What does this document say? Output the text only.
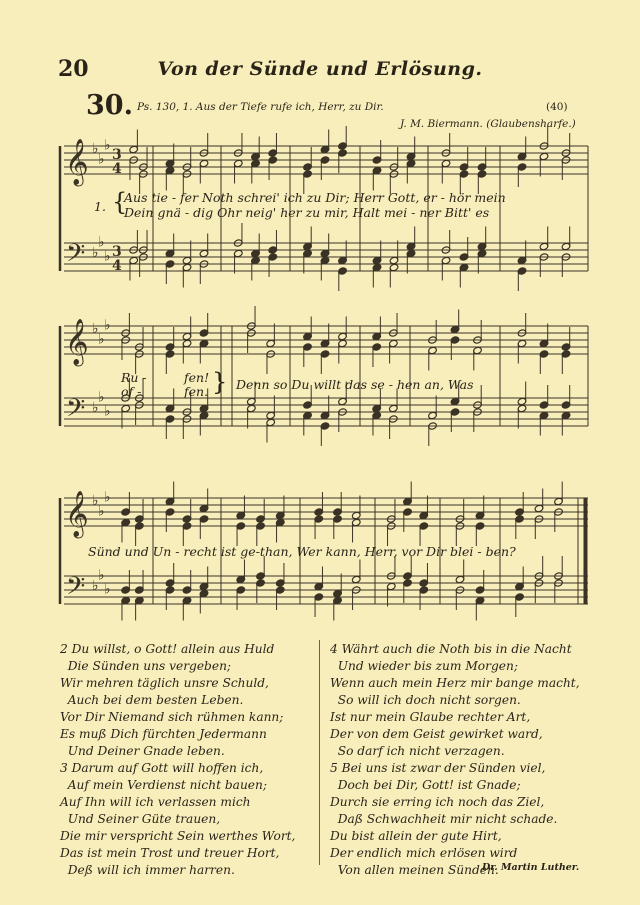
20	Von der Sünde und Erlösung.
30. Ps. 130, 1. Aus der Tiefe rufe ich, Herr, zu Dir.	(40)
J. M. Biermann. (Glaubensharfe.)
𝄞
𝄢
♭
♭
♭
♭
♭
♭
3
4
3
4
𝄞
𝄢
♭
♭
♭
♭
♭
♭
𝄞
𝄢
♭
♭
♭
♭
♭
♭
1. {
Aus tie - fer Noth schrei' ich zu Dir; Herr Gott, er - hör mein
Dein gnä - dig Ohr neig' her zu mir, Halt mei - ner Bitt' es
Ru -	fen!
of -	fen. } Denn so Du willt das se - hen an, Was
Sünd und Un - recht ist ge-than, Wer kann, Herr, vor Dir blei - ben?
2 Du willst, o Gott! allein aus Huld
Die Sünden uns vergeben;
Wir mehren täglich unsre Schuld,
Auch bei dem besten Leben.
Vor Dir Niemand sich rühmen kann;
Es muß Dich fürchten Jedermann
Und Deiner Gnade leben.
3 Darum auf Gott will hoffen ich,
Auf mein Verdienst nicht bauen;
Auf Ihn will ich verlassen mich
Und Seiner Güte trauen,
Die mir verspricht Sein werthes Wort,
Das ist mein Trost und treuer Hort,
Deß will ich immer harren.
4 Währt auch die Noth bis in die Nacht
Und wieder bis zum Morgen;
Wenn auch mein Herz mir bange macht,
So will ich doch nicht sorgen.
Ist nur mein Glaube rechter Art,
Der von dem Geist gewirket ward,
So darf ich nicht verzagen.
5 Bei uns ist zwar der Sünden viel,
Doch bei Dir, Gott! ist Gnade;
Durch sie erring ich noch das Ziel,
Daß Schwachheit mir nicht schade.
Du bist allein der gute Hirt,
Der endlich mich erlösen wird
Von allen meinen Sünden.
Dr. Martin Luther.
